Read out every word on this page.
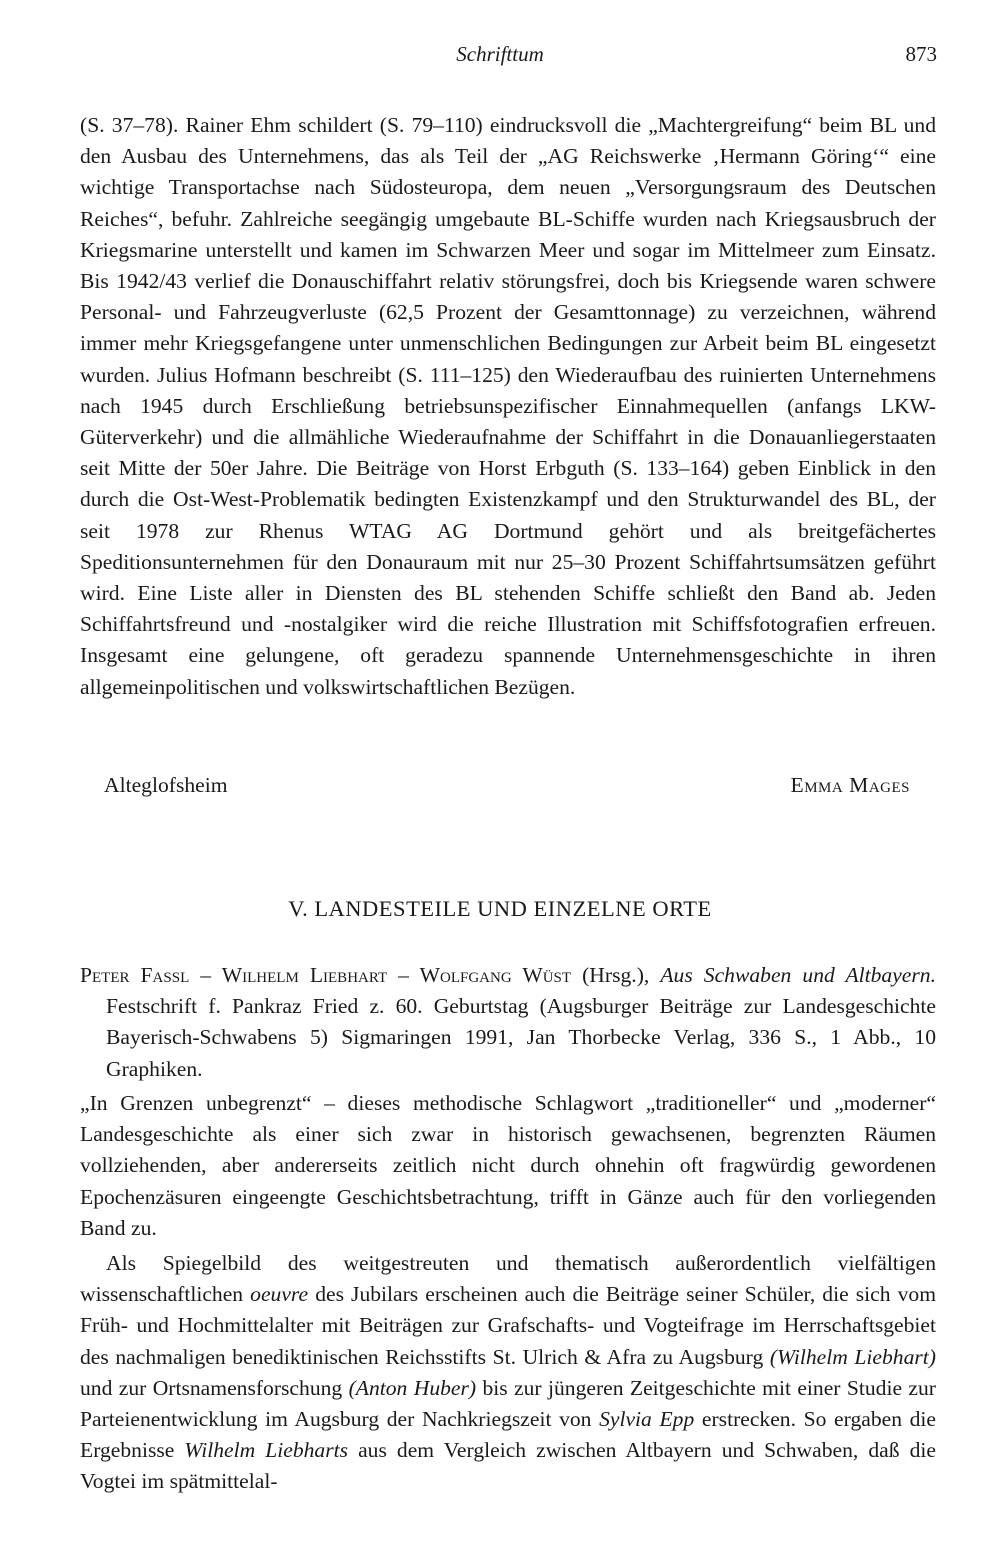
Schrifttum	873

(S. 37–78). Rainer Ehm schildert (S. 79–110) eindrucksvoll die „Machtergreifung“ beim BL und den Ausbau des Unternehmens, das als Teil der „AG Reichswerke ‚Hermann Göring‘“ eine wichtige Transportachse nach Südosteuropa, dem neuen „Versorgungsraum des Deutschen Reiches“, befuhr. Zahlreiche seegängig umgebaute BL-Schiffe wurden nach Kriegsausbruch der Kriegsmarine unterstellt und kamen im Schwarzen Meer und sogar im Mittelmeer zum Einsatz. Bis 1942/43 verlief die Donauschiffahrt relativ störungsfrei, doch bis Kriegsende waren schwere Personal- und Fahrzeugverluste (62,5 Prozent der Gesamttonnage) zu verzeichnen, während immer mehr Kriegsgefangene unter unmenschlichen Bedingungen zur Arbeit beim BL eingesetzt wurden. Julius Hofmann beschreibt (S. 111–125) den Wiederaufbau des ruinierten Unternehmens nach 1945 durch Erschließung betriebsunspezifischer Einnahmequellen (anfangs LKW-Güterverkehr) und die allmähliche Wiederaufnahme der Schiffahrt in die Donauanliegerstaaten seit Mitte der 50er Jahre. Die Beiträge von Horst Erbguth (S. 133–164) geben Einblick in den durch die Ost-West-Problematik bedingten Existenzkampf und den Strukturwandel des BL, der seit 1978 zur Rhenus WTAG AG Dortmund gehört und als breitgefächertes Speditionsunternehmen für den Donauraum mit nur 25–30 Prozent Schiffahrtsumsätzen geführt wird. Eine Liste aller in Diensten des BL stehenden Schiffe schließt den Band ab. Jeden Schiffahrtsfreund und -nostalgiker wird die reiche Illustration mit Schiffsfotografien erfreuen. Insgesamt eine gelungene, oft geradezu spannende Unternehmensgeschichte in ihren allgemeinpolitischen und volkswirtschaftlichen Bezügen.

Alteglofsheim	Emma Mages
V. LANDESTEILE UND EINZELNE ORTE

Peter Fassl – Wilhelm Liebhart – Wolfgang Wüst (Hrsg.), Aus Schwaben und Altbayern. Festschrift f. Pankraz Fried z. 60. Geburtstag (Augsburger Beiträge zur Landesgeschichte Bayerisch-Schwabens 5) Sigmaringen 1991, Jan Thorbecke Verlag, 336 S., 1 Abb., 10 Graphiken.

„In Grenzen unbegrenzt“ – dieses methodische Schlagwort „traditioneller“ und „moderner“ Landesgeschichte als einer sich zwar in historisch gewachsenen, begrenzten Räumen vollziehenden, aber andererseits zeitlich nicht durch ohnehin oft fragwürdig gewordenen Epochenzäsuren eingeengte Geschichtsbetrachtung, trifft in Gänze auch für den vorliegenden Band zu.

Als Spiegelbild des weitgestreuten und thematisch außerordentlich vielfältigen wissenschaftlichen oeuvre des Jubilars erscheinen auch die Beiträge seiner Schüler, die sich vom Früh- und Hochmittelalter mit Beiträgen zur Grafschafts- und Vogteifrage im Herrschaftsgebiet des nachmaligen benediktinischen Reichsstifts St. Ulrich & Afra zu Augsburg (Wilhelm Liebhart) und zur Ortsnamensforschung (Anton Huber) bis zur jüngeren Zeitgeschichte mit einer Studie zur Parteienentwicklung im Augsburg der Nachkriegszeit von Sylvia Epp erstrecken. So ergaben die Ergebnisse Wilhelm Liebharts aus dem Vergleich zwischen Altbayern und Schwaben, daß die Vogtei im spätmittelal-
